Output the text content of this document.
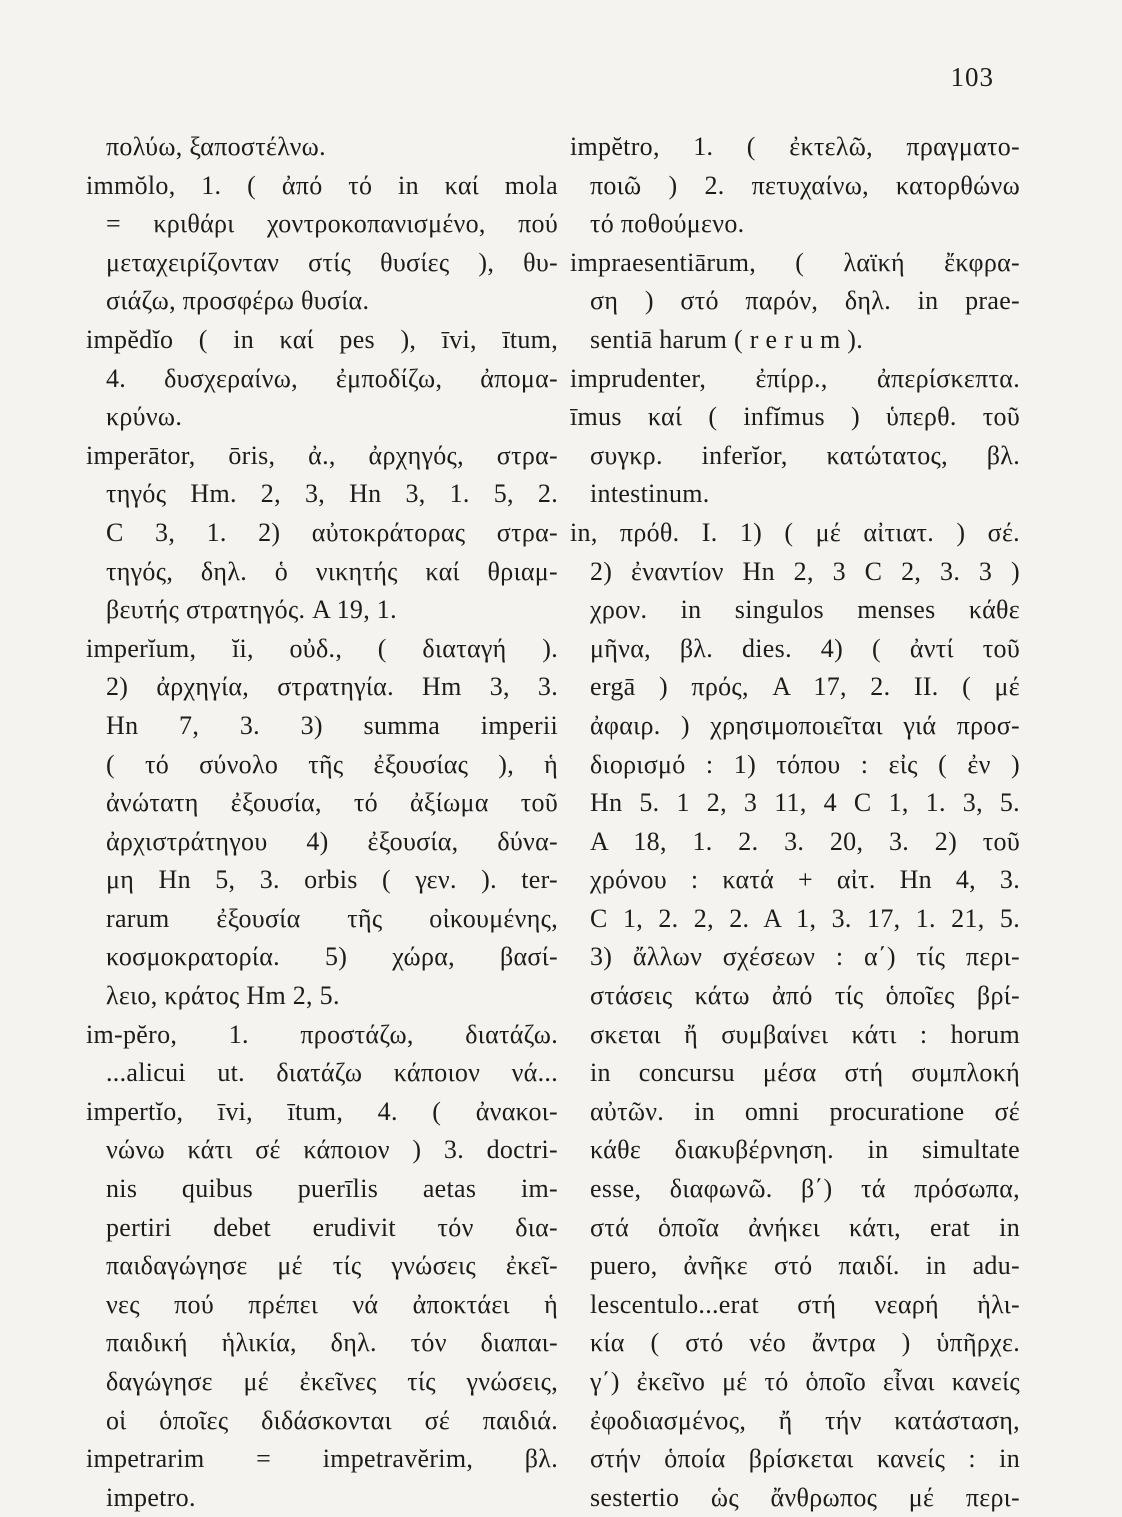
103
πολύω, ξαποστέλνω.
immŏlo, 1. ( ἀπό τό in καί mola
= κριθάρι χοντροκοπανισμένο, πού
μεταχειρίζονταν στίς θυσίες ), θυ-
σιάζω, προσφέρω θυσία.
impĕdĭo ( in καί pes ), īvi, ītum,
4. δυσχεραίνω, ἐμποδίζω, ἀπομα-
κρύνω.
imperātor, ōris, ἀ., ἀρχηγός, στρα-
τηγός Hm. 2, 3, Hn 3, 1. 5, 2.
C 3, 1. 2) αὐτοκράτορας στρα-
τηγός, δηλ. ὁ νικητής καί θριαμ-
βευτής στρατηγός. A 19, 1.
imperĭum, ĭi, οὐδ., ( διαταγή ).
2) ἀρχηγία, στρατηγία. Hm 3, 3.
Hn 7, 3. 3) summa imperii
( τό σύνολο τῆς ἐξουσίας ), ἡ
ἀνώτατη ἐξουσία, τό ἀξίωμα τοῦ
ἀρχιστράτηγου 4) ἐξουσία, δύνα-
μη Hn 5, 3. orbis ( γεν. ). ter-
rarum ἐξουσία τῆς οἰκουμένης,
κοσμοκρατορία. 5) χώρα, βασί-
λειο, κράτος Hm 2, 5.
im-pĕro, 1. προστάζω, διατάζω.
...alicui ut. διατάζω κάποιον νά...
impertĭo, īvi, ītum, 4. ( ἀνακοι-
νώνω κάτι σέ κάποιον ) 3. doctri-
nis quibus puerīlis aetas im-
pertiri debet erudivit τόν δια-
παιδαγώγησε μέ τίς γνώσεις ἐκεῖ-
νες πού πρέπει νά ἀποκτάει ἡ
παιδική ἡλικία, δηλ. τόν διαπαι-
δαγώγησε μέ ἐκεῖνες τίς γνώσεις,
οἱ ὁποῖες διδάσκονται σέ παιδιά.
impetrarim = impetravĕrim, βλ.
impetro.
impĕtro, 1. ( ἐκτελῶ, πραγματο-
ποιῶ ) 2. πετυχαίνω, κατορθώνω
τό ποθούμενο.
impraesentiārum, ( λαϊκή ἔκφρα-
ση ) στό παρόν, δηλ. in prae-
sentiā harum ( r e r u m ).
imprudenter, ἐπίρρ., ἀπερίσκεπτα.
īmus καί ( infĭmus ) ὑπερθ. τοῦ
συγκρ. inferĭor, κατώτατος, βλ.
intestinum.
in, πρόθ. I. 1) ( μέ αἰτιατ. ) σέ.
2) ἐναντίον Hn 2, 3 C 2, 3. 3 )
χρον. in singulos menses κάθε
μῆνα, βλ. dies. 4) ( ἀντί τοῦ
ergā ) πρός, A 17, 2. II. ( μέ
ἀφαιρ. ) χρησιμοποιεῖται γιά προσ-
διορισμό : 1) τόπου : εἰς ( ἐν )
Hn 5. 1 2, 3 11, 4 C 1, 1. 3, 5.
A 18, 1. 2. 3. 20, 3. 2) τοῦ
χρόνου : κατά + αἰτ. Hn 4, 3.
C 1, 2. 2, 2. A 1, 3. 17, 1. 21, 5.
3) ἄλλων σχέσεων : α΄) τίς περι-
στάσεις κάτω ἀπό τίς ὁποῖες βρί-
σκεται ἤ συμβαίνει κάτι : horum
in concursu μέσα στή συμπλοκή
αὐτῶν. in omni procuratione σέ
κάθε διακυβέρνηση. in simultate
esse, διαφωνῶ. β΄) τά πρόσωπα,
στά ὁποῖα ἀνήκει κάτι, erat in
puero, ἀνῆκε στό παιδί. in adu-
lescentulo...erat στή νεαρή ἡλι-
κία ( στό νέο ἄντρα ) ὑπῆρχε.
γ΄) ἐκεῖνο μέ τό ὁποῖο εἶναι κανείς
ἐφοδιασμένος, ἤ τήν κατάσταση,
στήν ὁποία βρίσκεται κανείς : in
sestertio ὡς ἄνθρωπος μέ περι-
